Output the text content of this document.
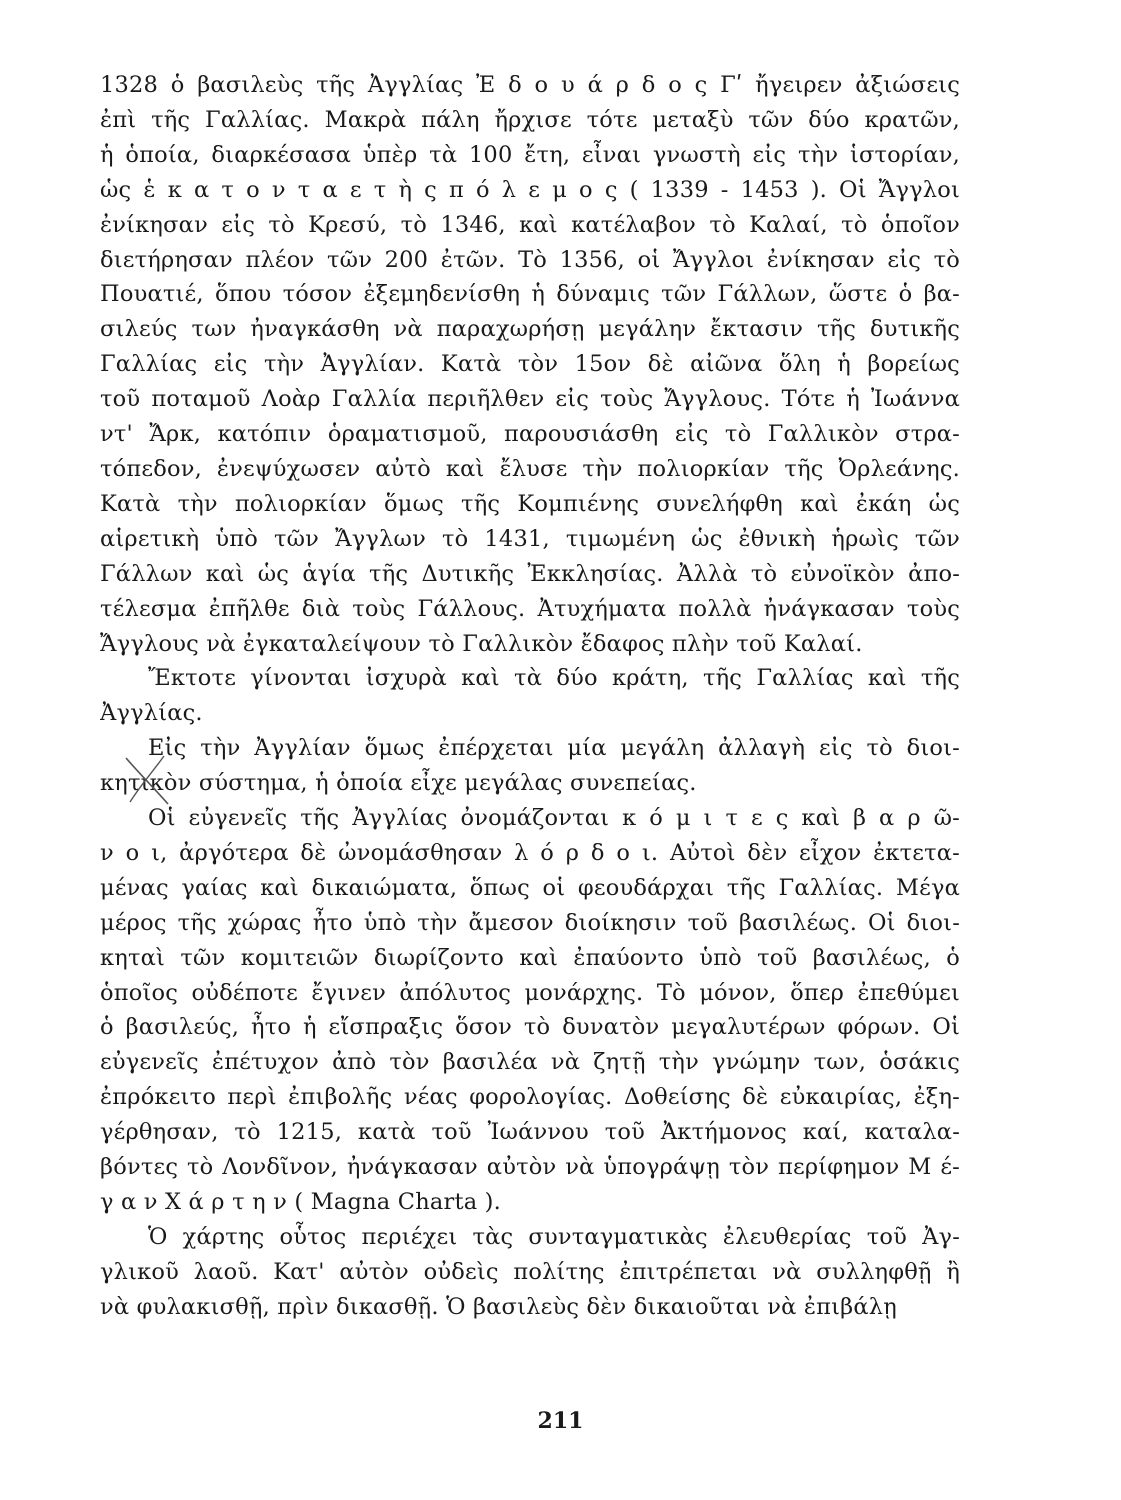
1328 ὁ βασιλεὺς τῆς Ἀγγλίας Ἐ δ ο υ ά ρ δ ο ς Γʹ ἤγειρεν ἀξιώσεις
ἐπὶ τῆς Γαλλίας. Μακρὰ πάλη ἤρχισε τότε μεταξὺ τῶν δύο κρατῶν,
ἡ ὁποία, διαρκέσασα ὑπὲρ τὰ 100 ἔτη, εἶναι γνωστὴ εἰς τὴν ἱστορίαν,
ὡς ἑ κ α τ ο ν τ α ε τ ὴ ς π ό λ ε μ ο ς ( 1339 - 1453 ). Οἱ Ἄγγλοι
ἐνίκησαν εἰς τὸ Κρεσύ, τὸ 1346, καὶ κατέλαβον τὸ Καλαί, τὸ ὁποῖον
διετήρησαν πλέον τῶν 200 ἐτῶν. Τὸ 1356, οἱ Ἄγγλοι ἐνίκησαν εἰς τὸ
Πουατιέ, ὅπου τόσον ἐξεμηδενίσθη ἡ δύναμις τῶν Γάλλων, ὥστε ὁ βα-
σιλεύς των ἠναγκάσθη νὰ παραχωρήσῃ μεγάλην ἔκτασιν τῆς δυτικῆς
Γαλλίας εἰς τὴν Ἀγγλίαν. Κατὰ τὸν 15ον δὲ αἰῶνα ὅλη ἡ βορείως
τοῦ ποταμοῦ Λοὰρ Γαλλία περιῆλθεν εἰς τοὺς Ἄγγλους. Τότε ἡ Ἰωάννα
ντ' Ἄρκ, κατόπιν ὁραματισμοῦ, παρουσιάσθη εἰς τὸ Γαλλικὸν στρα-
τόπεδον, ἐνεψύχωσεν αὐτὸ καὶ ἔλυσε τὴν πολιορκίαν τῆς Ὀρλεάνης.
Κατὰ τὴν πολιορκίαν ὅμως τῆς Κομπιένης συνελήφθη καὶ ἐκάη ὡς
αἱρετικὴ ὑπὸ τῶν Ἄγγλων τὸ 1431, τιμωμένη ὡς ἐθνικὴ ἡρωὶς τῶν
Γάλλων καὶ ὡς ἁγία τῆς Δυτικῆς Ἐκκλησίας. Ἀλλὰ τὸ εὐνοϊκὸν ἀπο-
τέλεσμα ἐπῆλθε διὰ τοὺς Γάλλους. Ἀτυχήματα πολλὰ ἠνάγκασαν τοὺς
Ἄγγλους νὰ ἐγκαταλείψουν τὸ Γαλλικὸν ἔδαφος πλὴν τοῦ Καλαί.
Ἔκτοτε γίνονται ἰσχυρὰ καὶ τὰ δύο κράτη, τῆς Γαλλίας καὶ τῆς
Ἀγγλίας.
Εἰς τὴν Ἀγγλίαν ὅμως ἐπέρχεται μία μεγάλη ἀλλαγὴ εἰς τὸ διοι-
κητικὸν σύστημα, ἡ ὁποία εἶχε μεγάλας συνεπείας.
Οἱ εὐγενεῖς τῆς Ἀγγλίας ὀνομάζονται κ ό μ ι τ ε ς καὶ β α ρ ῶ-
ν ο ι, ἀργότερα δὲ ὠνομάσθησαν λ ό ρ δ ο ι. Αὐτοὶ δὲν εἶχον ἐκτετα-
μένας γαίας καὶ δικαιώματα, ὅπως οἱ φεουδάρχαι τῆς Γαλλίας. Μέγα
μέρος τῆς χώρας ἦτο ὑπὸ τὴν ἄμεσον διοίκησιν τοῦ βασιλέως. Οἱ διοι-
κηταὶ τῶν κομιτειῶν διωρίζοντο καὶ ἐπαύοντο ὑπὸ τοῦ βασιλέως, ὁ
ὁποῖος οὐδέποτε ἔγινεν ἀπόλυτος μονάρχης. Τὸ μόνον, ὅπερ ἐπεθύμει
ὁ βασιλεύς, ἦτο ἡ εἴσπραξις ὅσον τὸ δυνατὸν μεγαλυτέρων φόρων. Οἱ
εὐγενεῖς ἐπέτυχον ἀπὸ τὸν βασιλέα νὰ ζητῇ τὴν γνώμην των, ὁσάκις
ἐπρόκειτο περὶ ἐπιβολῆς νέας φορολογίας. Δοθείσης δὲ εὐκαιρίας, ἐξη-
γέρθησαν, τὸ 1215, κατὰ τοῦ Ἰωάννου τοῦ Ἀκτήμονος καί, καταλα-
βόντες τὸ Λονδῖνον, ἠνάγκασαν αὐτὸν νὰ ὑπογράψῃ τὸν περίφημον Μ έ-
γ α ν Χ ά ρ τ η ν ( Magna Charta ).
Ὁ χάρτης οὗτος περιέχει τὰς συνταγματικὰς ἐλευθερίας τοῦ Ἀγ-
γλικοῦ λαοῦ. Κατ' αὐτὸν οὐδεὶς πολίτης ἐπιτρέπεται νὰ συλληφθῇ ἢ
νὰ φυλακισθῇ, πρὶν δικασθῇ. Ὁ βασιλεὺς δὲν δικαιοῦται νὰ ἐπιβάλῃ
211
